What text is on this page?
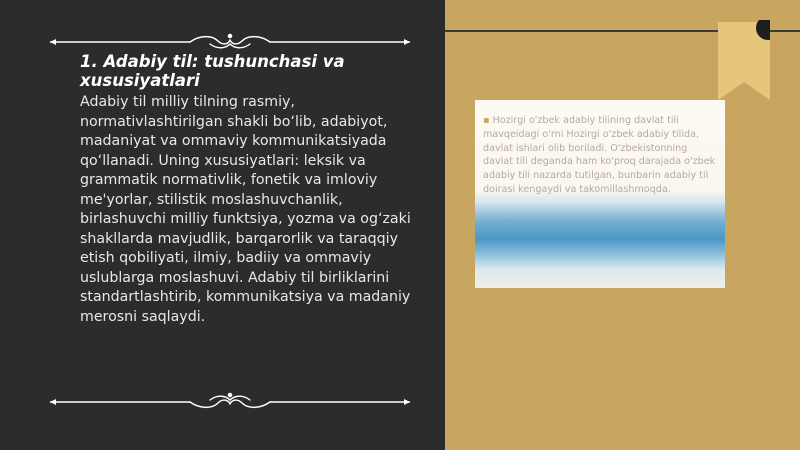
1. Adabiy til: tushunchasi va xususiyatlari

Adabiy til milliy tilning rasmiy, normativlashtirilgan shakli bo‘lib, adabiyot, madaniyat va ommaviy kommunikatsiyada qo‘llanadi. Uning xususiyatlari: leksik va grammatik normativlik, fonetik va imloviy me'yorlar, stilistik moslashuvchanlik, birlashuvchi milliy funktsiya, yozma va og‘zaki shakllarda mavjudlik, barqarorlik va taraqqiy etish qobiliyati, ilmiy, badiiy va ommaviy uslublarga moslashuvi. Adabiy til birliklarini standartlashtirib, kommunikatsiya va madaniy merosni saqlaydi.

▪ Hozirgi o'zbek adabiy tilining davlat tili mavqeidagi o'rni Hozirgi o'zbek adabiy tilida, davlat ishlari olib boriladi. O'zbekistonning davlat tili deganda ham ko'proq darajada o'zbek adabiy tili nazarda tutilgan, bunbarin adabiy til doirasi kengaydi va takomillashmoqda.
